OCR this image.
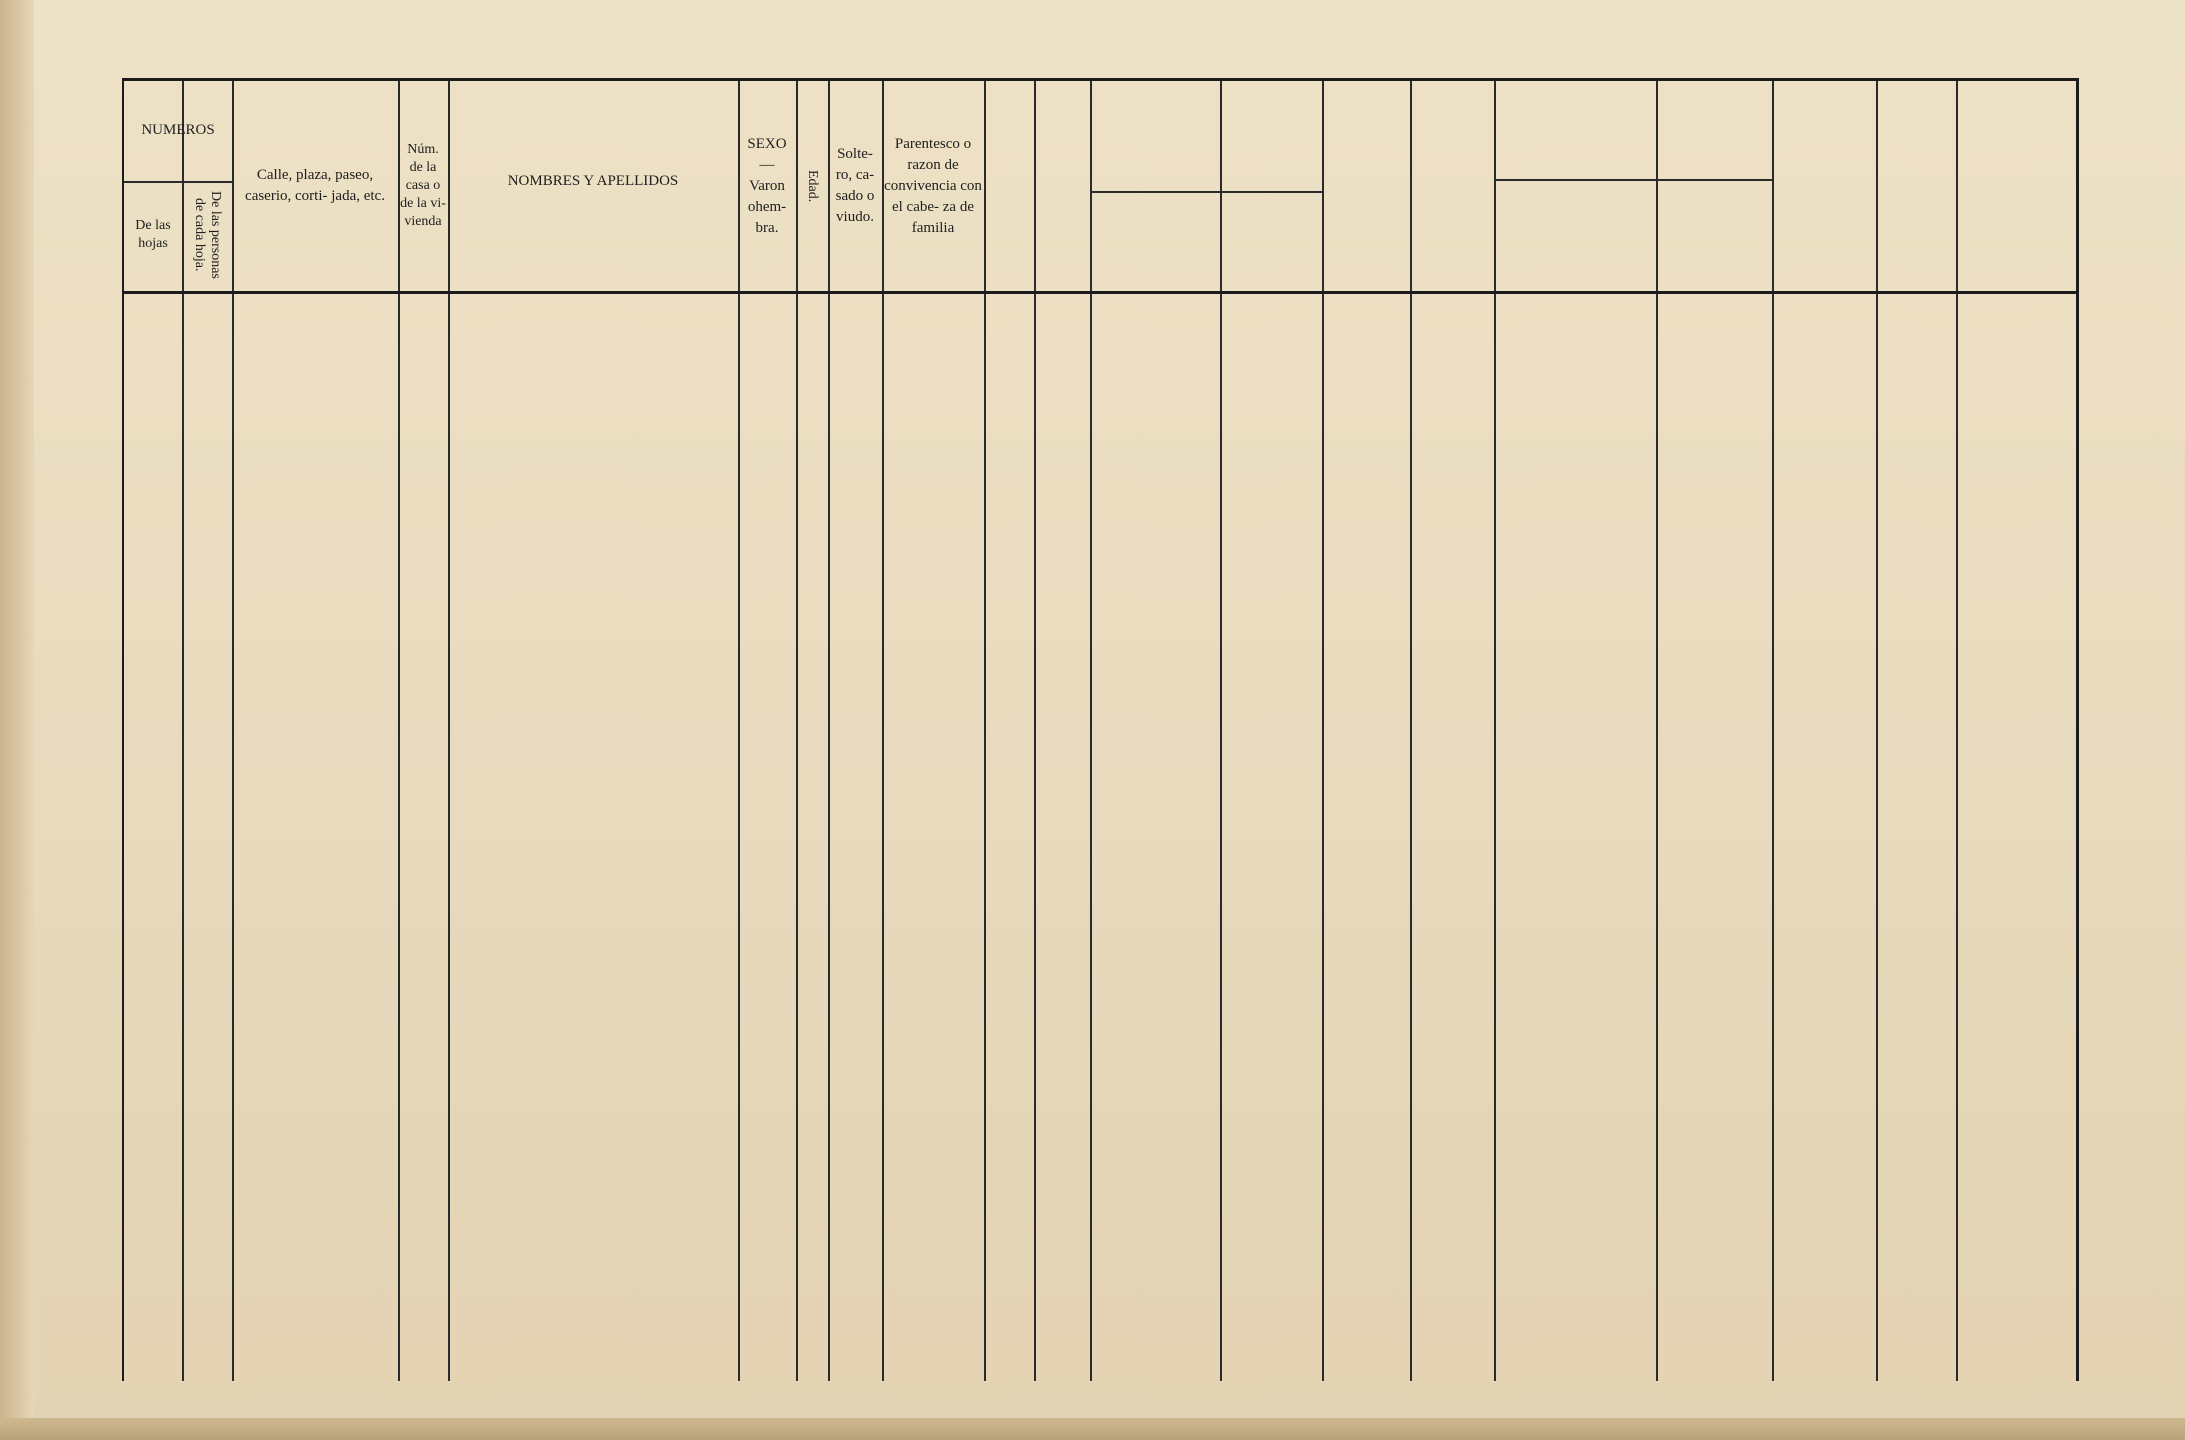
NUMEROS
De las hojas	De las personas de cada hoja.
Calle, plaza, paseo, caserio, corti- jada, etc.
Núm. de la casa o de la vi- vienda
NOMBRES Y APELLIDOS
SEXO — Varon ohem- bra.
Edad.
Solte- ro, ca- sado o viudo.
Parentesco o razon de convivencia con el cabe- za de familia
